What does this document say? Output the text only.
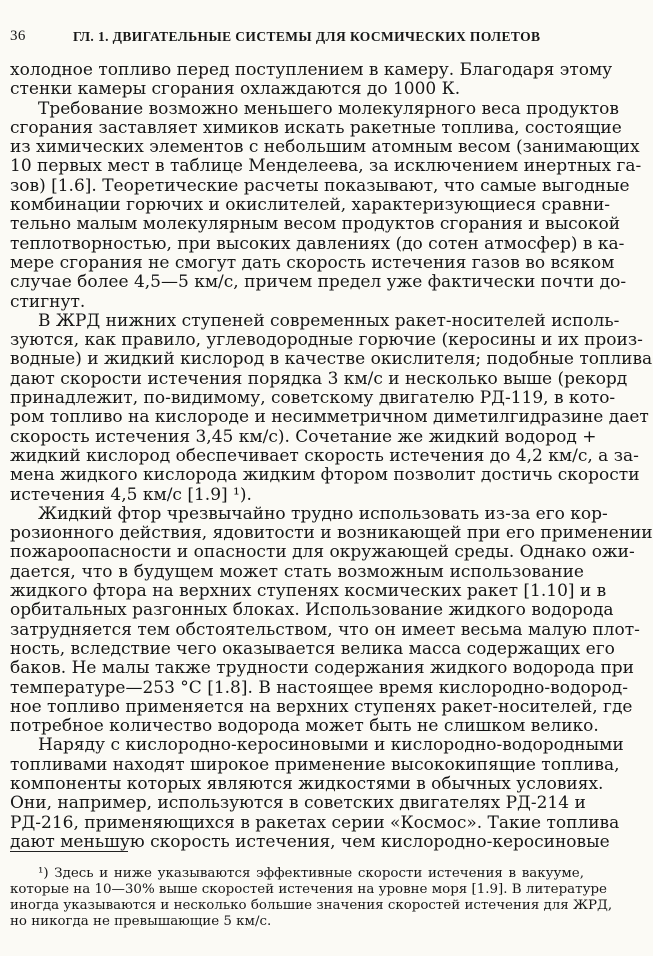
36	ГЛ. 1. ДВИГАТЕЛЬНЫЕ СИСТЕМЫ ДЛЯ КОСМИЧЕСКИХ ПОЛЕТОВ
холодное топливо перед поступлением в камеру. Благодаря этому
стенки камеры сгорания охлаждаются до 1000 К.
Требование возможно меньшего молекулярного веса продуктов
сгорания заставляет химиков искать ракетные топлива, состоящие
из химических элементов с небольшим атомным весом (занимающих
10 первых мест в таблице Менделеева, за исключением инертных га-
зов) [1.6]. Теоретические расчеты показывают, что самые выгодные
комбинации горючих и окислителей, характеризующиеся сравни-
тельно малым молекулярным весом продуктов сгорания и высокой
теплотворностью, при высоких давлениях (до сотен атмосфер) в ка-
мере сгорания не смогут дать скорость истечения газов во всяком
случае более 4,5—5 км/с, причем предел уже фактически почти до-
стигнут.
В ЖРД нижних ступеней современных ракет-носителей исполь-
зуются, как правило, углеводородные горючие (керосины и их произ-
водные) и жидкий кислород в качестве окислителя; подобные топлива
дают скорости истечения порядка 3 км/с и несколько выше (рекорд
принадлежит, по-видимому, советскому двигателю РД-119, в кото-
ром топливо на кислороде и несимметричном диметилгидразине дает
скорость истечения 3,45 км/с). Сочетание же жидкий водород +
жидкий кислород обеспечивает скорость истечения до 4,2 км/с, а за-
мена жидкого кислорода жидким фтором позволит достичь скорости
истечения 4,5 км/с [1.9] ¹).
Жидкий фтор чрезвычайно трудно использовать из-за его кор-
розионного действия, ядовитости и возникающей при его применении
пожароопасности и опасности для окружающей среды. Однако ожи-
дается, что в будущем может стать возможным использование
жидкого фтора на верхних ступенях космических ракет [1.10] и в
орбитальных разгонных блоках. Использование жидкого водорода
затрудняется тем обстоятельством, что он имеет весьма малую плот-
ность, вследствие чего оказывается велика масса содержащих его
баков. Не малы также трудности содержания жидкого водорода при
температуре—253 °С [1.8]. В настоящее время кислородно-водород-
ное топливо применяется на верхних ступенях ракет-носителей, где
потребное количество водорода может быть не слишком велико.
Наряду с кислородно-керосиновыми и кислородно-водородными
топливами находят широкое применение высококипящие топлива,
компоненты которых являются жидкостями в обычных условиях.
Они, например, используются в советских двигателях РД-214 и
РД-216, применяющихся в ракетах серии «Космос». Такие топлива
дают меньшую скорость истечения, чем кислородно-керосиновые
¹) Здесь и ниже указываются эффективные скорости истечения в вакууме,
которые на 10—30% выше скоростей истечения на уровне моря [1.9]. В литературе
иногда указываются и несколько большие значения скоростей истечения для ЖРД,
но никогда не превышающие 5 км/с.
